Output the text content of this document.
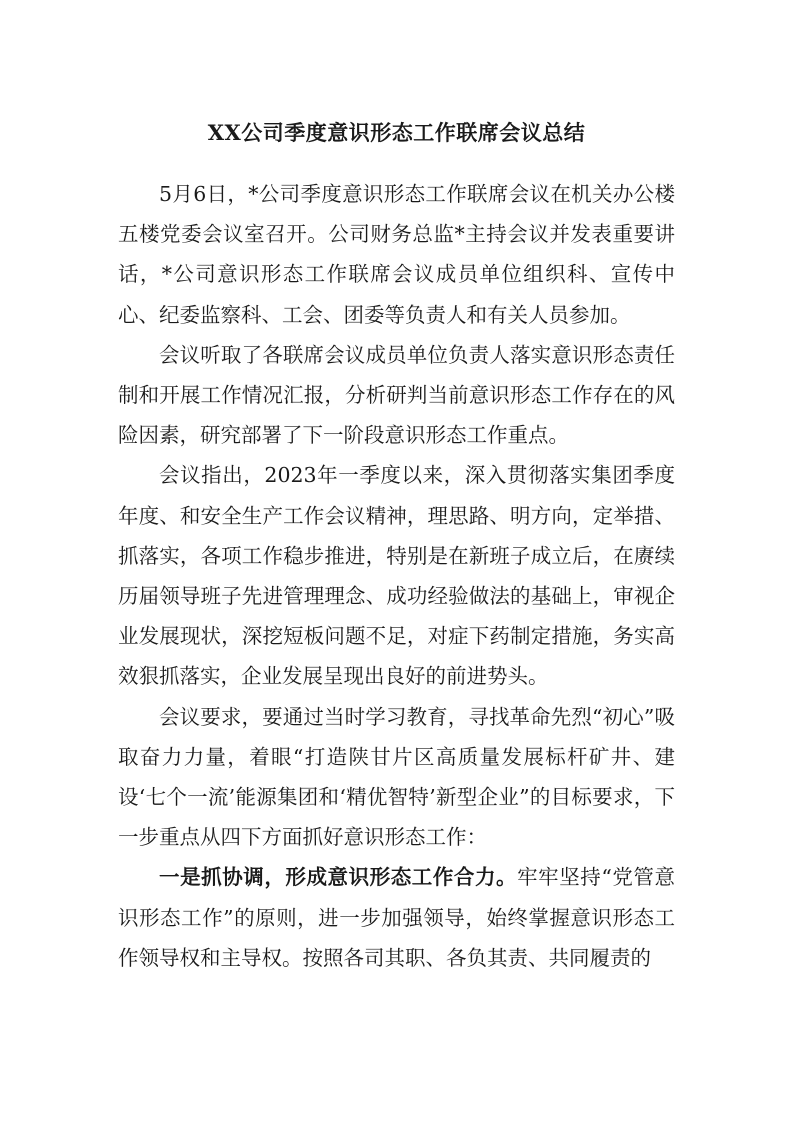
XX公司季度意识形态工作联席会议总结

5月6日，*公司季度意识形态工作联席会议在机关办公楼五楼党委会议室召开。公司财务总监*主持会议并发表重要讲话，*公司意识形态工作联席会议成员单位组织科、宣传中心、纪委监察科、工会、团委等负责人和有关人员参加。

会议听取了各联席会议成员单位负责人落实意识形态责任制和开展工作情况汇报，分析研判当前意识形态工作存在的风险因素，研究部署了下一阶段意识形态工作重点。

会议指出，2023年一季度以来，深入贯彻落实集团季度年度、和安全生产工作会议精神，理思路、明方向，定举措、抓落实，各项工作稳步推进，特别是在新班子成立后，在赓续历届领导班子先进管理理念、成功经验做法的基础上，审视企业发展现状，深挖短板问题不足，对症下药制定措施，务实高效狠抓落实，企业发展呈现出良好的前进势头。

会议要求，要通过当时学习教育，寻找革命先烈“初心”吸取奋力力量，着眼“打造陕甘片区高质量发展标杆矿井、建设‘七个一流’能源集团和‘精优智特’新型企业”的目标要求，下一步重点从四下方面抓好意识形态工作：

一是抓协调，形成意识形态工作合力。牢牢坚持“党管意识形态工作”的原则，进一步加强领导，始终掌握意识形态工作领导权和主导权。按照各司其职、各负其责、共同履责的
